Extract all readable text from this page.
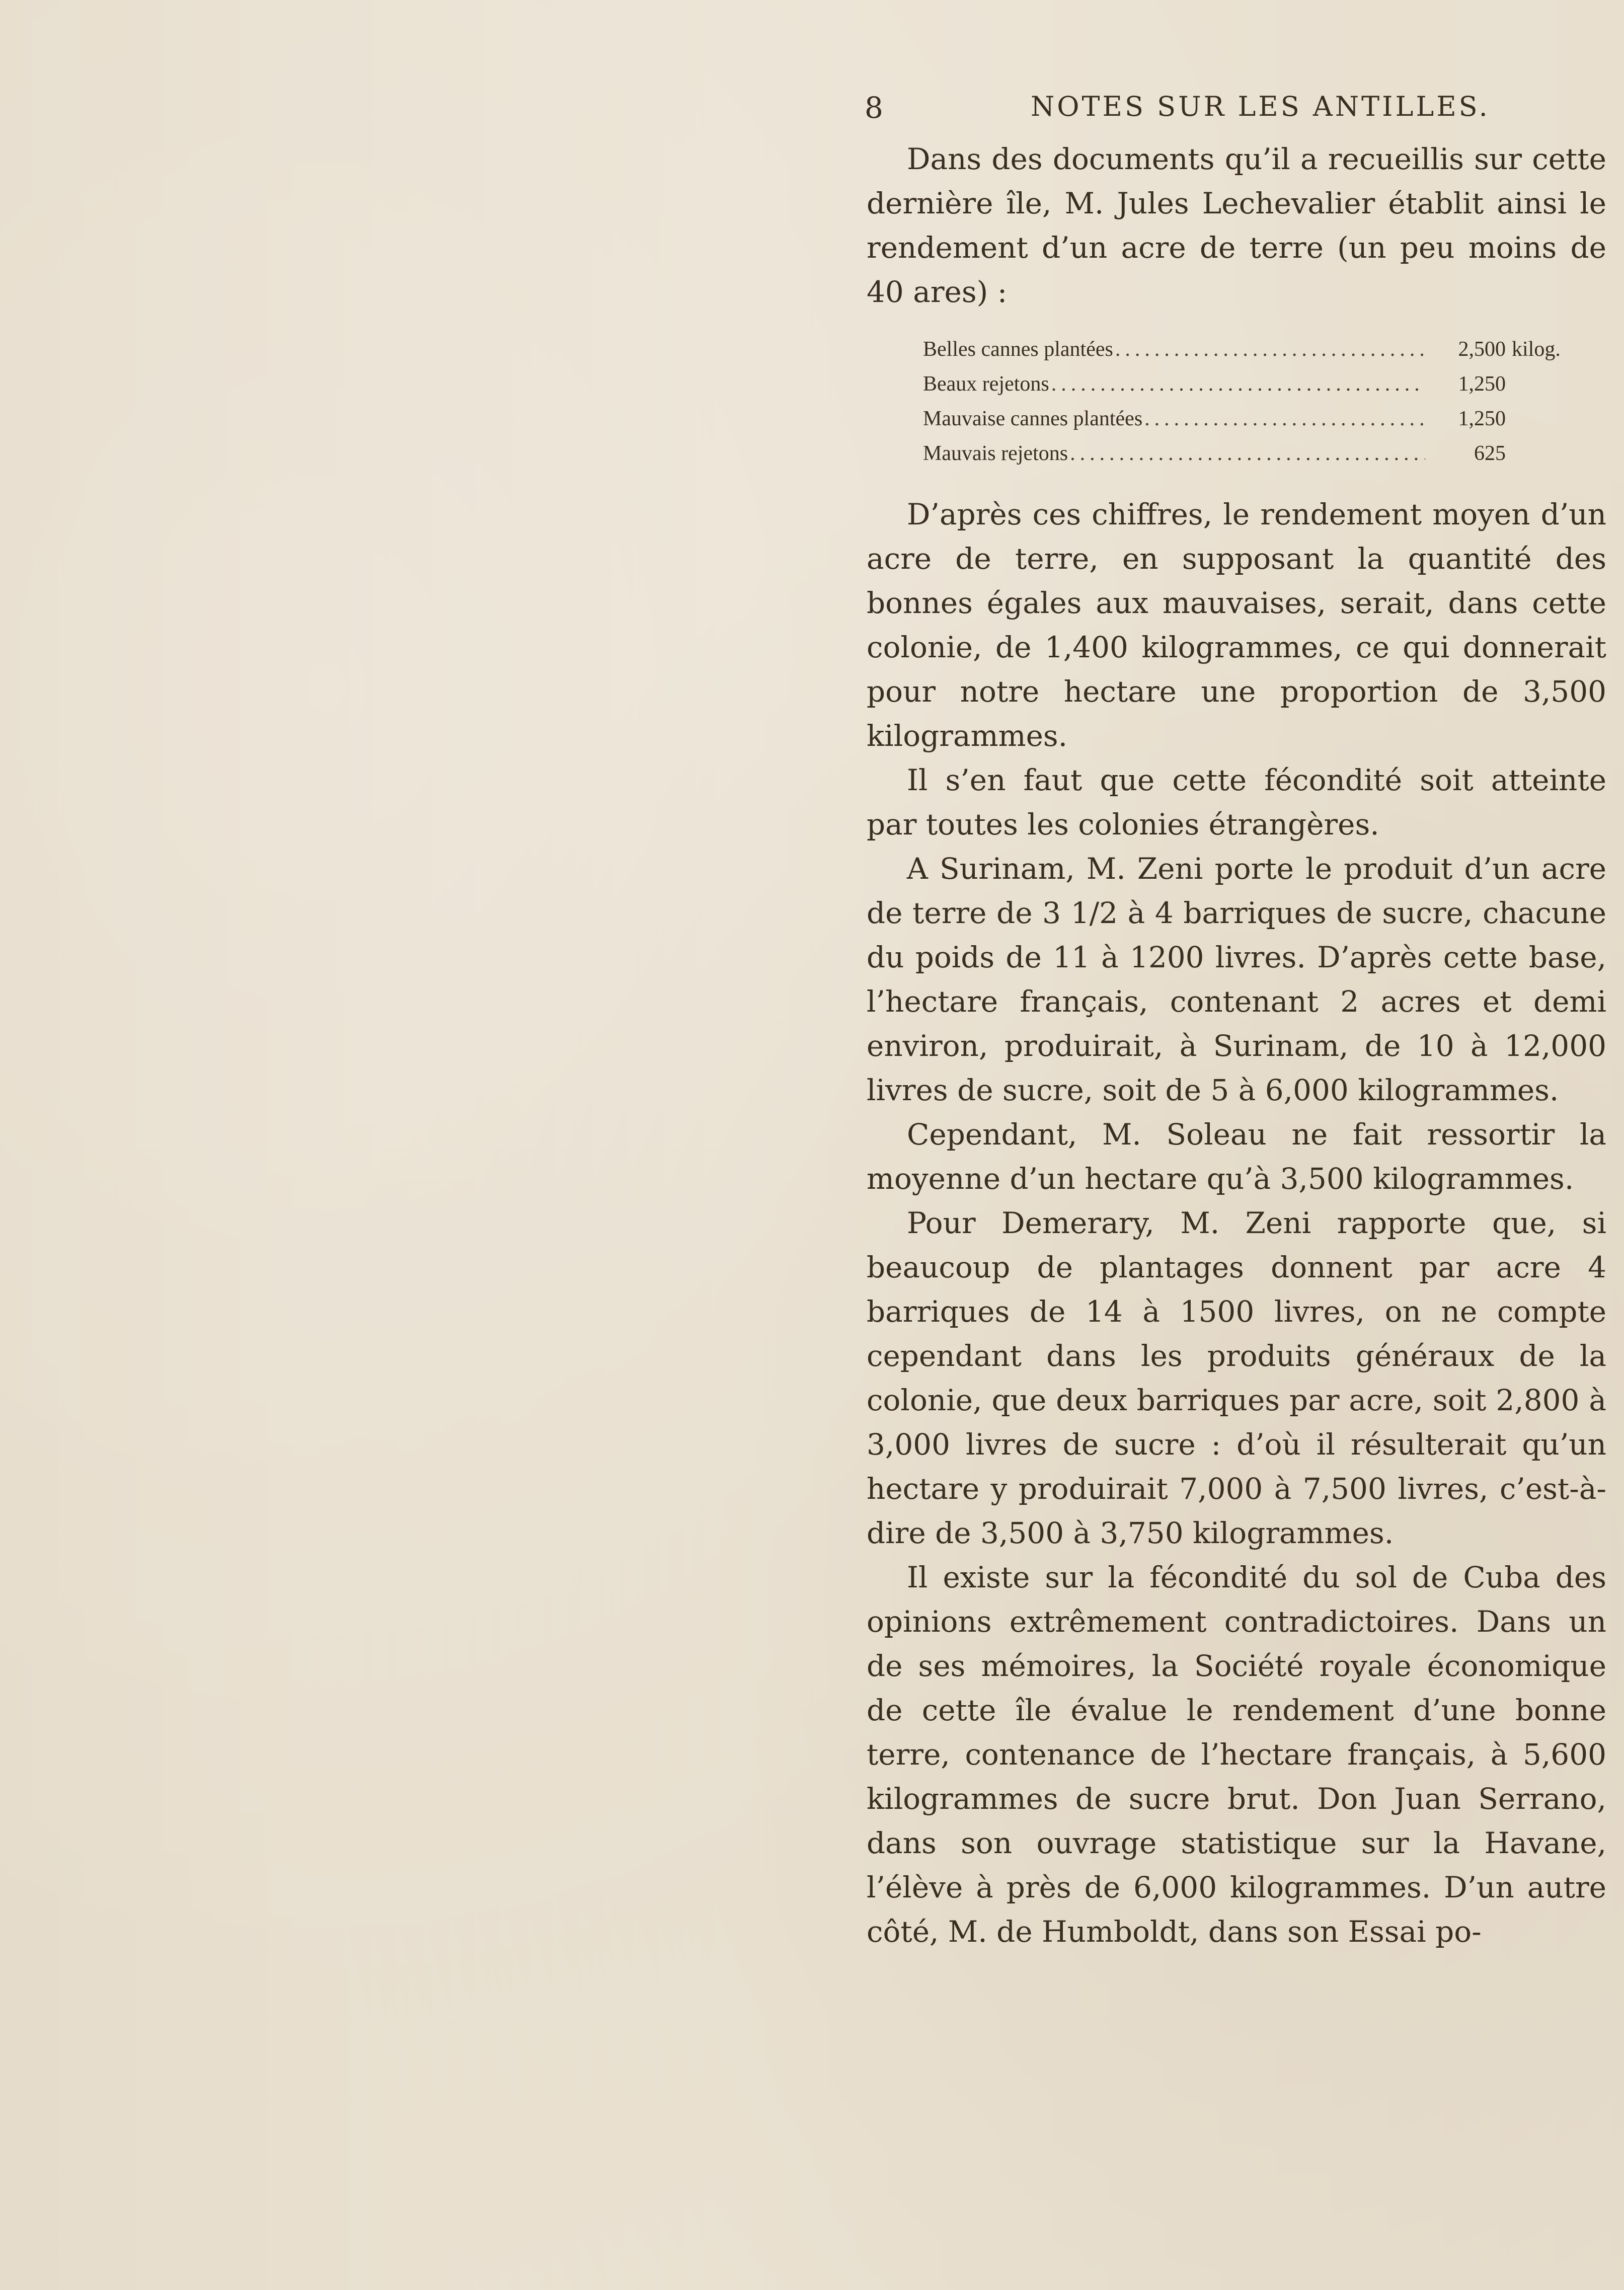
8	NOTES SUR LES ANTILLES.

Dans des documents qu’il a recueillis sur cette dernière île, M. Jules Lechevalier établit ainsi le rendement d’un acre de terre (un peu moins de 40 ares) :

Belles cannes plantées .....	2,500 kilog.
Beaux rejetons .....	1,250
Mauvaise cannes plantées .....	1,250
Mauvais rejetons .....	625

D’après ces chiffres, le rendement moyen d’un acre de terre, en supposant la quantité des bonnes égales aux mauvaises, serait, dans cette colonie, de 1,400 kilogrammes, ce qui donnerait pour notre hectare une proportion de 3,500 kilogrammes.

Il s’en faut que cette fécondité soit atteinte par toutes les colonies étrangères.

A Surinam, M. Zeni porte le produit d’un acre de terre de 3 1/2 à 4 barriques de sucre, chacune du poids de 11 à 1200 livres. D’après cette base, l’hectare français, contenant 2 acres et demi environ, produirait, à Surinam, de 10 à 12,000 livres de sucre, soit de 5 à 6,000 kilogrammes.

Cependant, M. Soleau ne fait ressortir la moyenne d’un hectare qu’à 3,500 kilogrammes.

Pour Demerary, M. Zeni rapporte que, si beaucoup de plantages donnent par acre 4 barriques de 14 à 1500 livres, on ne compte cependant dans les produits généraux de la colonie, que deux barriques par acre, soit 2,800 à 3,000 livres de sucre : d’où il résulterait qu’un hectare y produirait 7,000 à 7,500 livres, c’est-à-dire de 3,500 à 3,750 kilogrammes.

Il existe sur la fécondité du sol de Cuba des opinions extrêmement contradictoires. Dans un de ses mémoires, la Société royale économique de cette île évalue le rendement d’une bonne terre, contenance de l’hectare français, à 5,600 kilogrammes de sucre brut. Don Juan Serrano, dans son ouvrage statistique sur la Havane, l’élève à près de 6,000 kilogrammes. D’un autre côté, M. de Humboldt, dans son Essai po-
